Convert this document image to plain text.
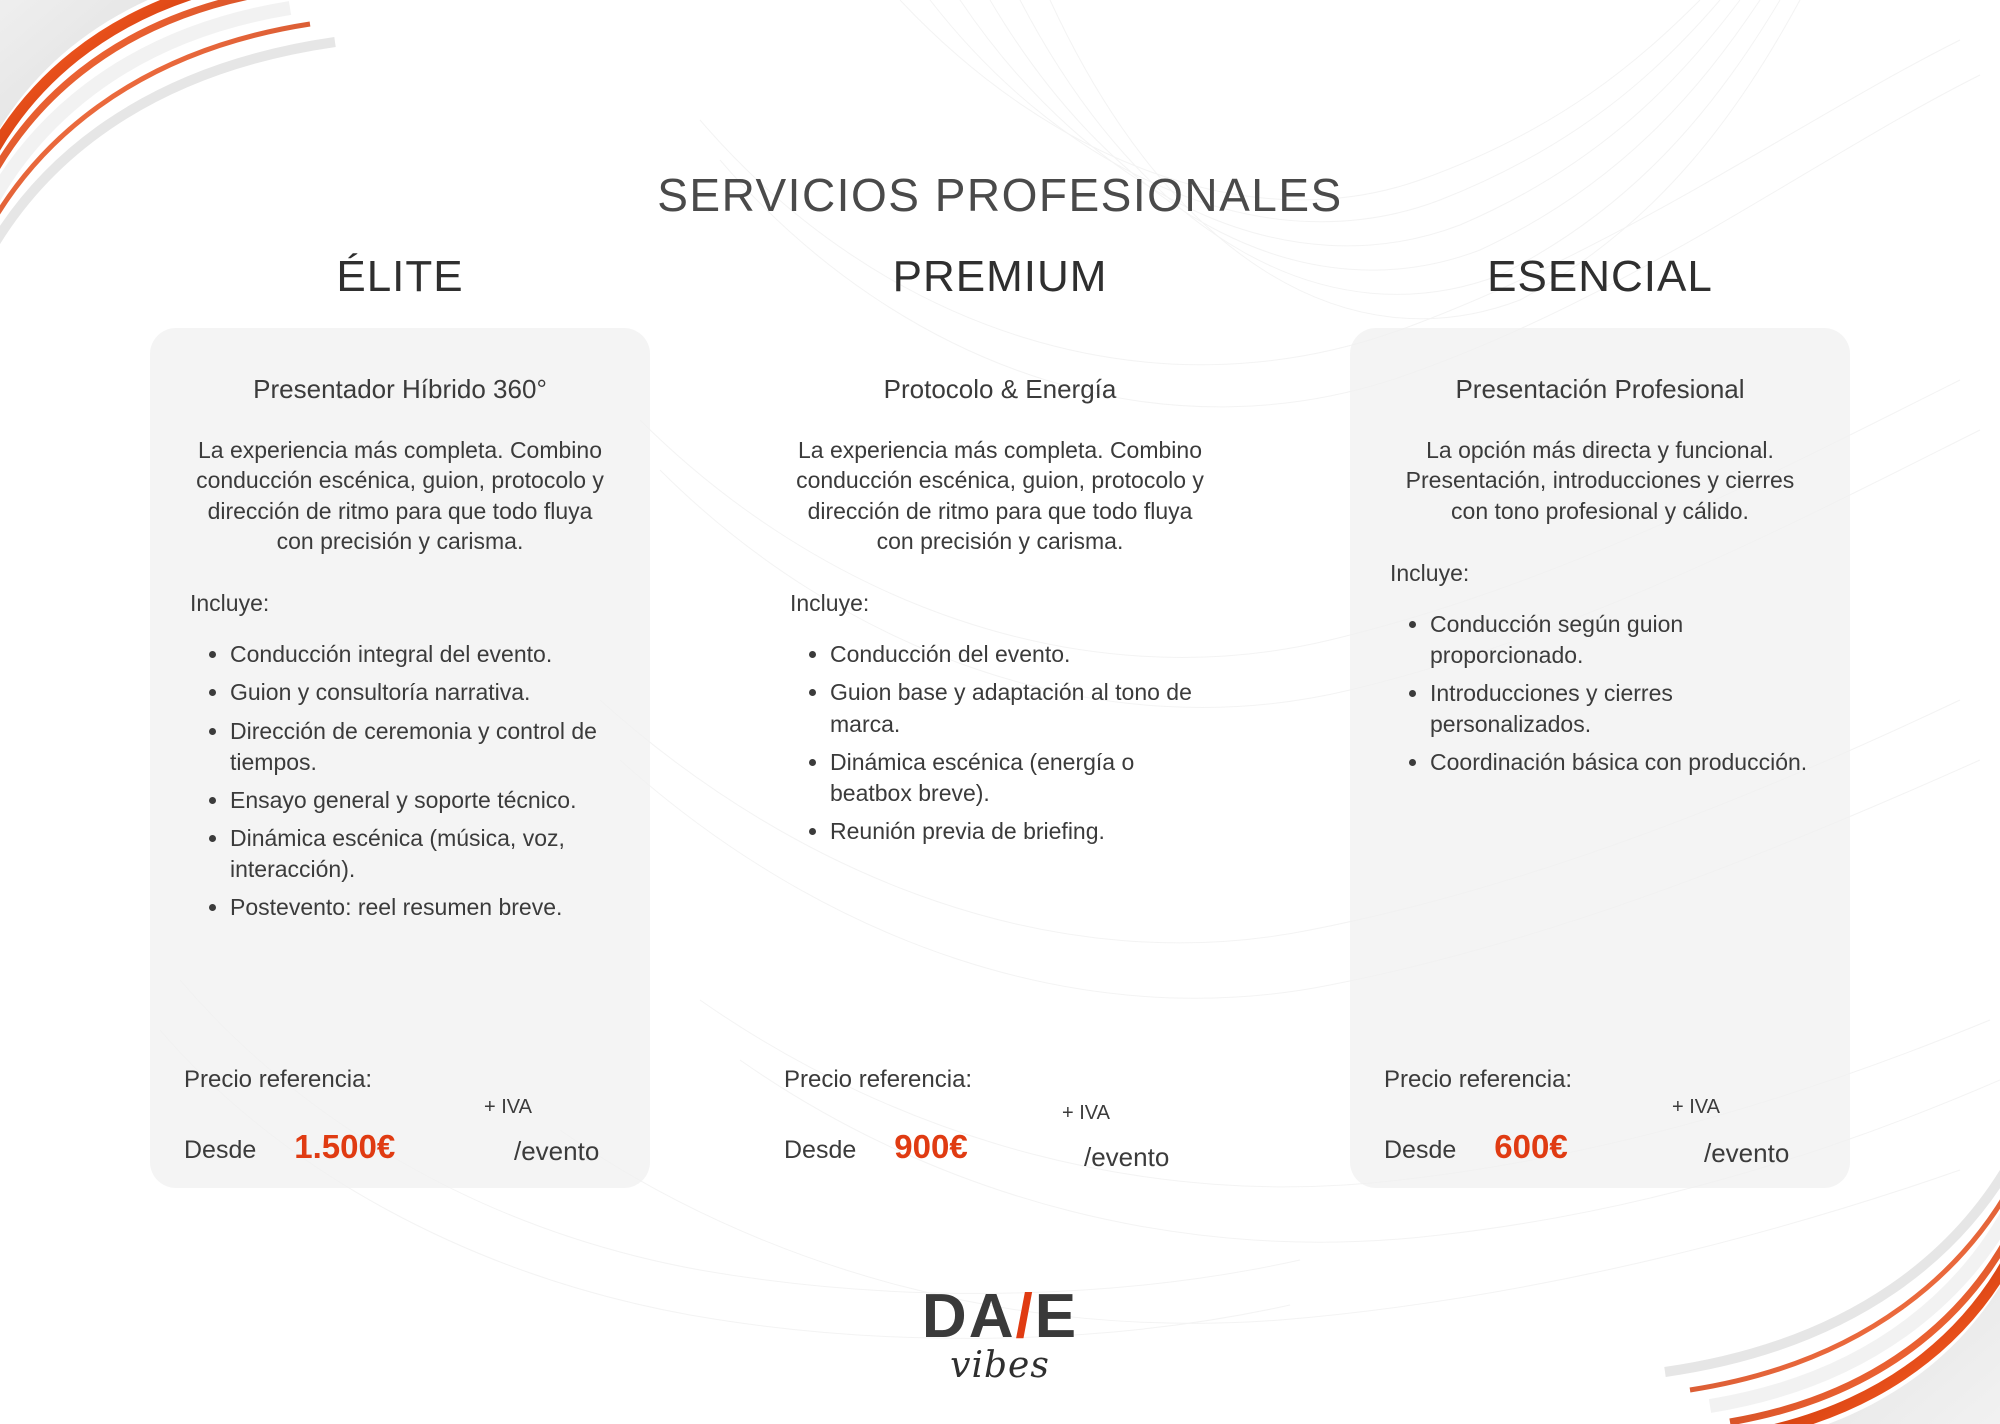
SERVICIOS PROFESIONALES
ÉLITE
Presentador Híbrido 360°
La experiencia más completa. Combino conducción escénica, guion, protocolo y dirección de ritmo para que todo fluya con precisión y carisma.
Incluye:
• Conducción integral del evento.
• Guion y consultoría narrativa.
• Dirección de ceremonia y control de tiempos.
• Ensayo general y soporte técnico.
• Dinámica escénica (música, voz, interacción).
• Postevento: reel resumen breve.
Precio referencia:
Desde 1.500€
+ IVA
/evento
PREMIUM
Protocolo & Energía
La experiencia más completa. Combino conducción escénica, guion, protocolo y dirección de ritmo para que todo fluya con precisión y carisma.
Incluye:
• Conducción del evento.
• Guion base y adaptación al tono de marca.
• Dinámica escénica (energía o beatbox breve).
• Reunión previa de briefing.
Precio referencia:
Desde 900€
+ IVA
/evento
ESENCIAL
Presentación Profesional
La opción más directa y funcional. Presentación, introducciones y cierres con tono profesional y cálido.
Incluye:
• Conducción según guion proporcionado.
• Introducciones y cierres personalizados.
• Coordinación básica con producción.
Precio referencia:
Desde 600€
+ IVA
/evento
DA/E
vibes
